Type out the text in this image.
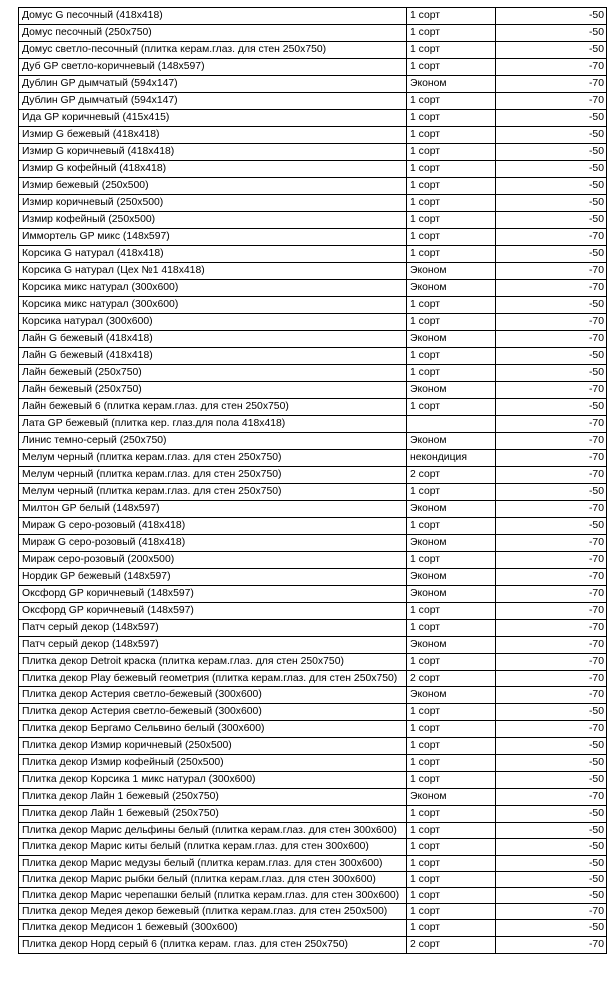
Домус G песочный (418x418)	1 сорт	-50
Домус песочный (250x750)	1 сорт	-50
Домус светло-песочный (плитка керам.глаз. для стен 250x750)	1 сорт	-50
Дуб GP светло-коричневый (148x597)	1 сорт	-70
Дублин GP дымчатый (594x147)	Эконом	-70
Дублин GP дымчатый (594x147)	1 сорт	-70
Ида GP коричневый (415x415)	1 сорт	-50
Измир G бежевый (418x418)	1 сорт	-50
Измир G коричневый (418x418)	1 сорт	-50
Измир G кофейный (418x418)	1 сорт	-50
Измир бежевый (250x500)	1 сорт	-50
Измир коричневый (250x500)	1 сорт	-50
Измир кофейный (250x500)	1 сорт	-50
Иммортель GP микс (148x597)	1 сорт	-70
Корсика G натурал (418x418)	1 сорт	-50
Корсика G натурал (Цех №1 418x418)	Эконом	-70
Корсика микс натурал (300x600)	Эконом	-70
Корсика микс натурал (300x600)	1 сорт	-50
Корсика натурал (300x600)	1 сорт	-70
Лайн G бежевый (418x418)	Эконом	-70
Лайн G бежевый (418x418)	1 сорт	-50
Лайн бежевый (250x750)	1 сорт	-50
Лайн бежевый (250x750)	Эконом	-70
Лайн бежевый 6 (плитка керам.глаз. для стен 250x750)	1 сорт	-50
Лата GP бежевый (плитка кер. глаз.для пола 418x418)		-70
Линис темно-серый (250x750)	Эконом	-70
Мелум черный (плитка керам.глаз. для стен 250x750)	некондиция	-70
Мелум черный (плитка керам.глаз. для стен 250x750)	2 сорт	-70
Мелум черный (плитка керам.глаз. для стен 250x750)	1 сорт	-50
Милтон GP белый (148x597)	Эконом	-70
Мираж G серо-розовый (418x418)	1 сорт	-50
Мираж G серо-розовый (418x418)	Эконом	-70
Мираж серо-розовый (200x500)	1 сорт	-70
Нордик GP бежевый (148x597)	Эконом	-70
Оксфорд GP коричневый (148x597)	Эконом	-70
Оксфорд GP коричневый (148x597)	1 сорт	-70
Патч серый декор (148x597)	1 сорт	-70
Патч серый декор (148x597)	Эконом	-70
Плитка декор Detroit краска (плитка керам.глаз. для стен 250x750)	1 сорт	-70
Плитка декор Play бежевый геометрия (плитка керам.глаз. для стен 250x750)	2 сорт	-70
Плитка декор Астерия светло-бежевый (300x600)	Эконом	-70
Плитка декор Астерия светло-бежевый (300x600)	1 сорт	-50
Плитка декор Бергамо Сельвино белый (300x600)	1 сорт	-70
Плитка декор Измир коричневый (250x500)	1 сорт	-50
Плитка декор Измир кофейный (250x500)	1 сорт	-50
Плитка декор Корсика 1 микс натурал (300x600)	1 сорт	-50
Плитка декор Лайн 1 бежевый (250x750)	Эконом	-70
Плитка декор Лайн 1 бежевый (250x750)	1 сорт	-50
Плитка декор Марис дельфины белый (плитка керам.глаз. для стен 300x600)	1 сорт	-50
Плитка декор Марис киты белый (плитка керам.глаз. для стен 300x600)	1 сорт	-50
Плитка декор Марис медузы белый (плитка керам.глаз. для стен 300x600)	1 сорт	-50
Плитка декор Марис рыбки белый (плитка керам.глаз. для стен 300x600)	1 сорт	-50
Плитка декор Марис черепашки белый (плитка керам.глаз. для стен 300x600)	1 сорт	-50
Плитка декор Медея декор бежевый (плитка керам.глаз. для стен 250x500)	1 сорт	-70
Плитка декор Медисон 1 бежевый (300x600)	1 сорт	-50
Плитка декор Норд серый 6 (плитка керам. глаз. для стен 250x750)	2 сорт	-70
